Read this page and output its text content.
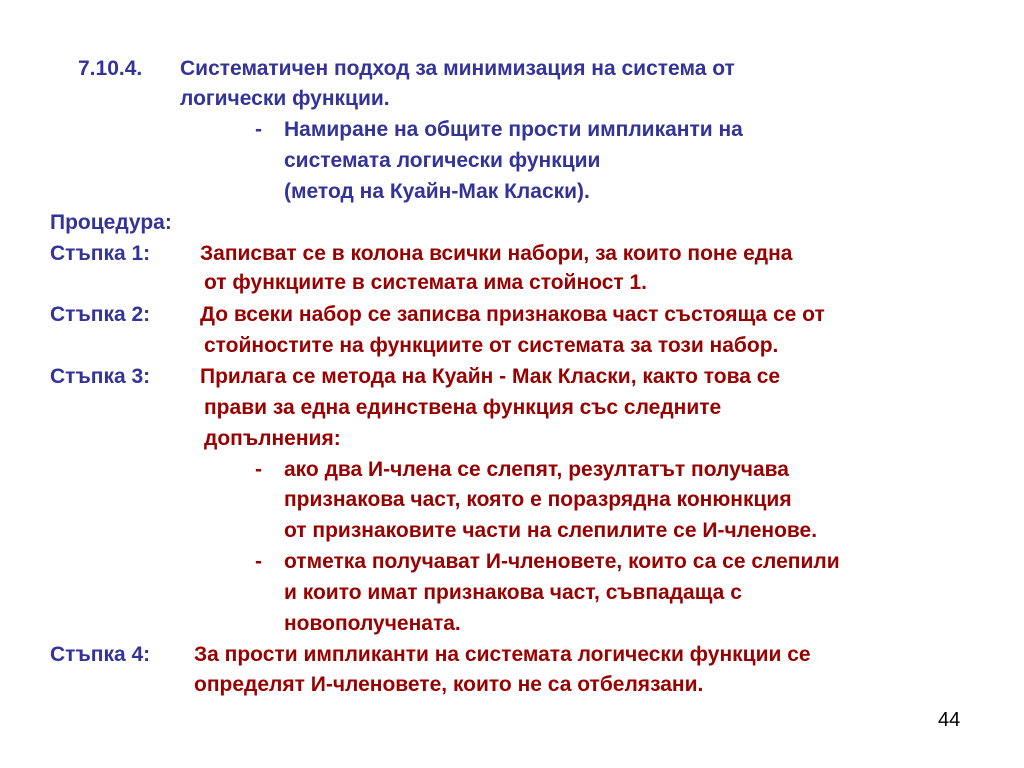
7.10.4. Систематичен подход за минимизация на система от
логически функции.
- Намиране на общите прости импликанти на
системата логически функции
(метод на Куайн-Мак Класки).
Процедура:
Стъпка 1: Записват се в колона всички набори, за които поне една
от функциите в системата има стойност 1.
Стъпка 2: До всеки набор се записва признакова част състояща се от
стойностите на функциите от системата за този набор.
Стъпка 3: Прилага се метода на Куайн - Мак Класки, както това се
прави за една единствена функция със следните
допълнения:
- ако два И-члена се слепят, резултатът получава
признакова част, която е поразрядна конюнкция
от признаковите части на слепилите се И-членове.
- отметка получават И-членовете, които са се слепили
и които имат признакова част, съвпадаща с
новополучената.
Стъпка 4: За прости импликанти на системата логически функции се
определят И-членовете, които не са отбелязани.
44
